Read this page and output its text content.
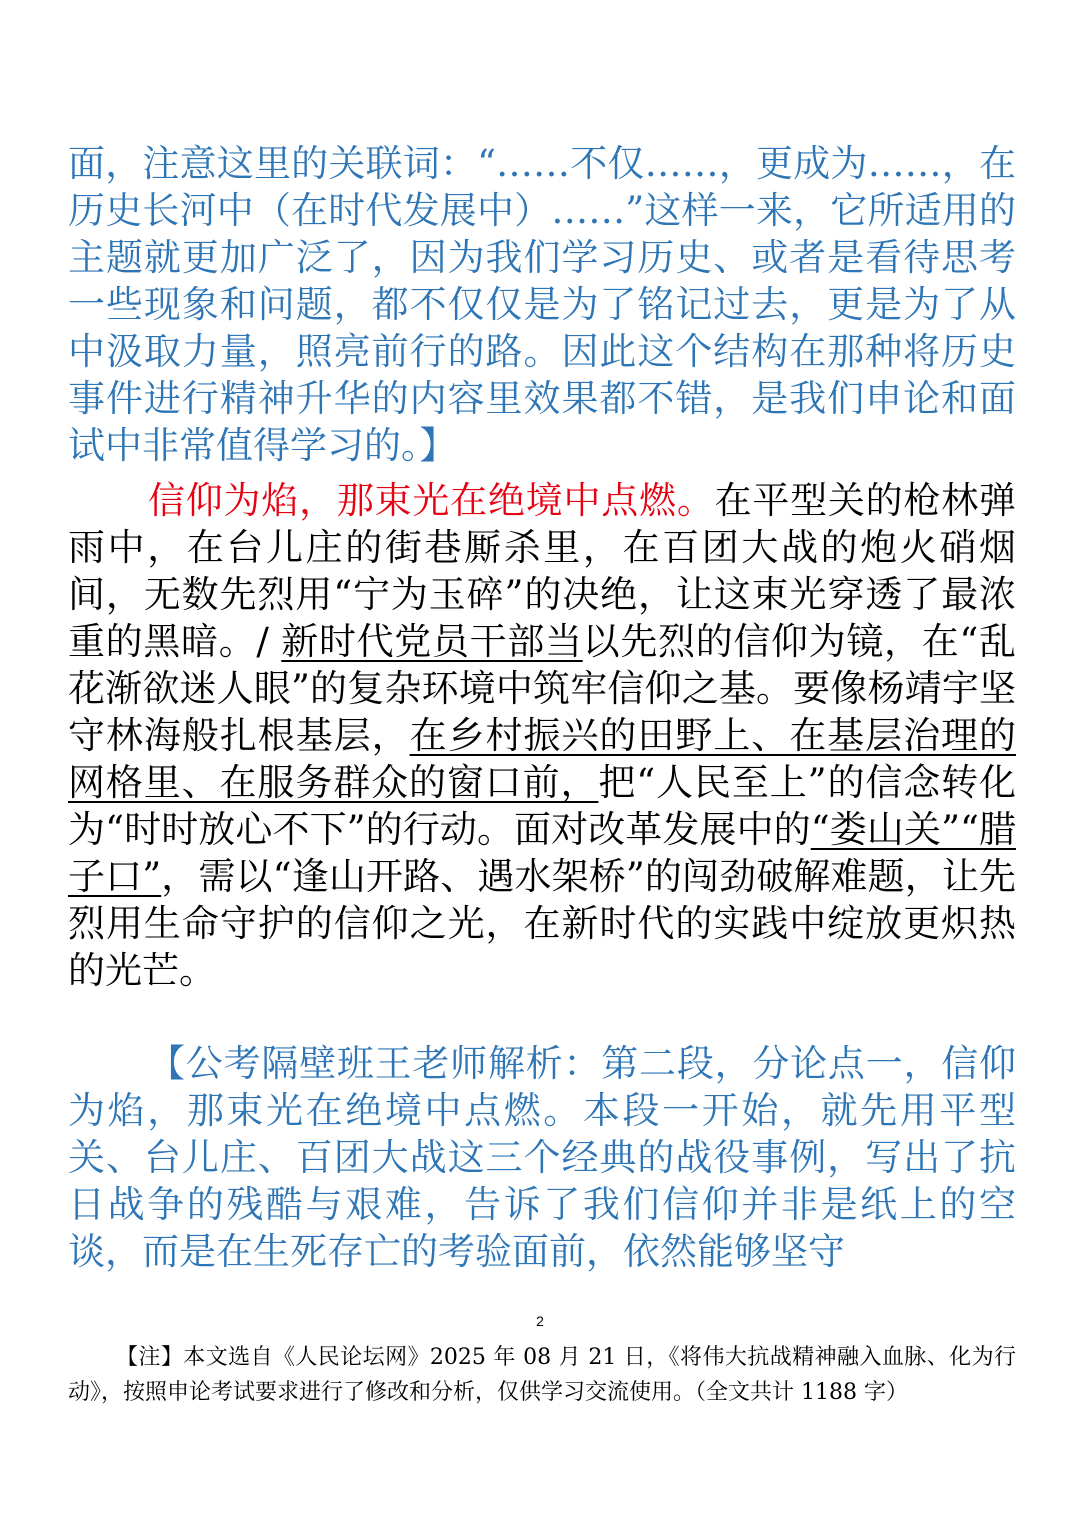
面，注意这里的关联词：“……不仅……，更成为……，在历史长河中（在时代发展中）……”这样一来，它所适用的主题就更加广泛了，因为我们学习历史、或者是看待思考一些现象和问题，都不仅仅是为了铭记过去，更是为了从中汲取力量，照亮前行的路。因此这个结构在那种将历史事件进行精神升华的内容里效果都不错，是我们申论和面试中非常值得学习的。】

信仰为焰，那束光在绝境中点燃。在平型关的枪林弹雨中，在台儿庄的街巷厮杀里，在百团大战的炮火硝烟间，无数先烈用“宁为玉碎”的决绝，让这束光穿透了最浓重的黑暗。/ 新时代党员干部当以先烈的信仰为镜，在“乱花渐欲迷人眼”的复杂环境中筑牢信仰之基。要像杨靖宇坚守林海般扎根基层，在乡村振兴的田野上、在基层治理的网格里、在服务群众的窗口前，把“人民至上”的信念转化为“时时放心不下”的行动。面对改革发展中的“娄山关”“腊子口”，需以“逢山开路、遇水架桥”的闯劲破解难题，让先烈用生命守护的信仰之光，在新时代的实践中绽放更炽热的光芒。

【公考隔壁班王老师解析：第二段，分论点一，信仰为焰，那束光在绝境中点燃。本段一开始，就先用平型关、台儿庄、百团大战这三个经典的战役事例，写出了抗日战争的残酷与艰难，告诉了我们信仰并非是纸上的空谈，而是在生死存亡的考验面前，依然能够坚守

2

【注】本文选自《人民论坛网》2025 年 08 月 21 日，《将伟大抗战精神融入血脉、化为行动》，按照申论考试要求进行了修改和分析，仅供学习交流使用。（全文共计 1188 字）
